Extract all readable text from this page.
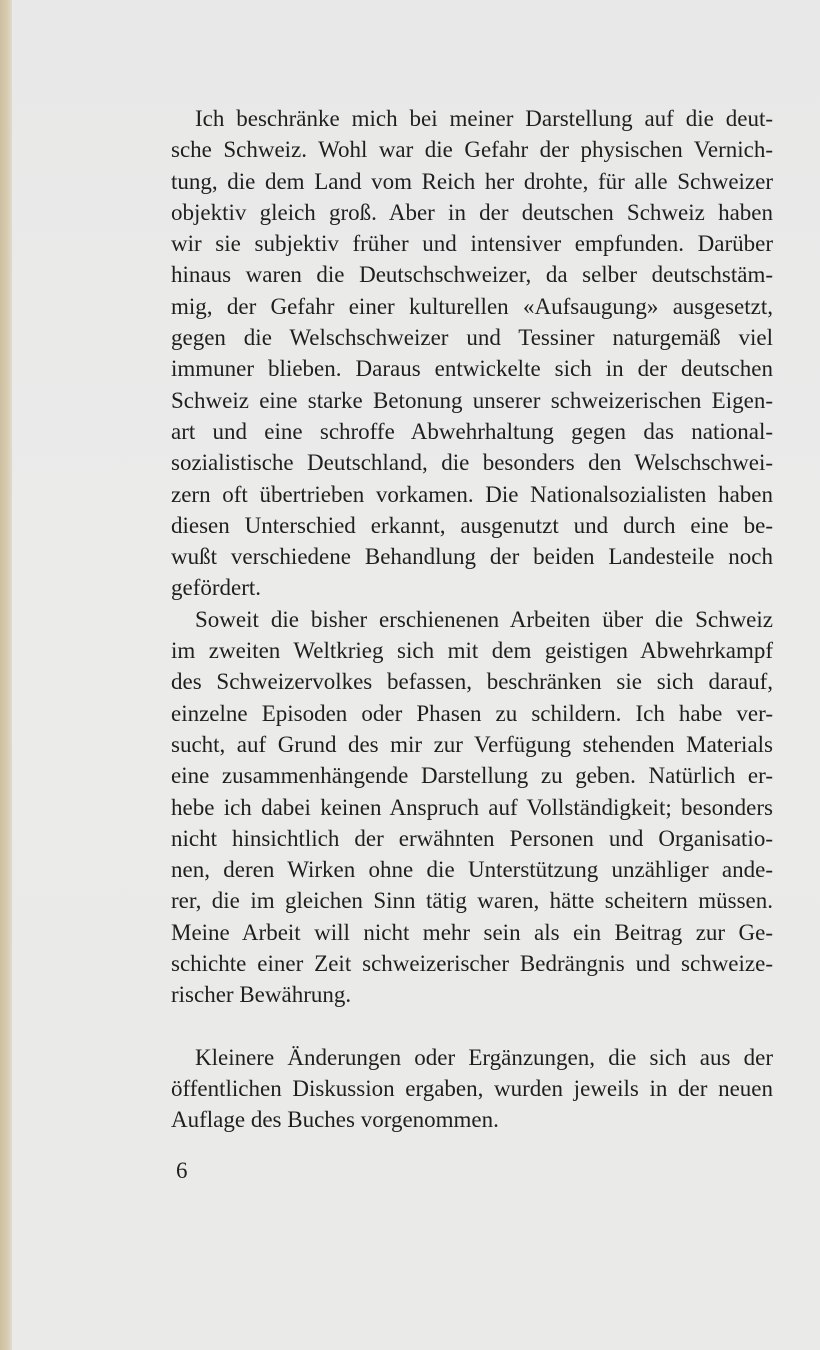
Ich beschränke mich bei meiner Darstellung auf die deut-
sche Schweiz. Wohl war die Gefahr der physischen Vernich-
tung, die dem Land vom Reich her drohte, für alle Schweizer
objektiv gleich groß. Aber in der deutschen Schweiz haben
wir sie subjektiv früher und intensiver empfunden. Darüber
hinaus waren die Deutschschweizer, da selber deutschstäm-
mig, der Gefahr einer kulturellen «Aufsaugung» ausgesetzt,
gegen die Welschschweizer und Tessiner naturgemäß viel
immuner blieben. Daraus entwickelte sich in der deutschen
Schweiz eine starke Betonung unserer schweizerischen Eigen-
art und eine schroffe Abwehrhaltung gegen das national-
sozialistische Deutschland, die besonders den Welschschwei-
zern oft übertrieben vorkamen. Die Nationalsozialisten haben
diesen Unterschied erkannt, ausgenutzt und durch eine be-
wußt verschiedene Behandlung der beiden Landesteile noch
gefördert.
Soweit die bisher erschienenen Arbeiten über die Schweiz
im zweiten Weltkrieg sich mit dem geistigen Abwehrkampf
des Schweizervolkes befassen, beschränken sie sich darauf,
einzelne Episoden oder Phasen zu schildern. Ich habe ver-
sucht, auf Grund des mir zur Verfügung stehenden Materials
eine zusammenhängende Darstellung zu geben. Natürlich er-
hebe ich dabei keinen Anspruch auf Vollständigkeit; besonders
nicht hinsichtlich der erwähnten Personen und Organisatio-
nen, deren Wirken ohne die Unterstützung unzähliger ande-
rer, die im gleichen Sinn tätig waren, hätte scheitern müssen.
Meine Arbeit will nicht mehr sein als ein Beitrag zur Ge-
schichte einer Zeit schweizerischer Bedrängnis und schweize-
rischer Bewährung.
Kleinere Änderungen oder Ergänzungen, die sich aus der
öffentlichen Diskussion ergaben, wurden jeweils in der neuen
Auflage des Buches vorgenommen.
6
